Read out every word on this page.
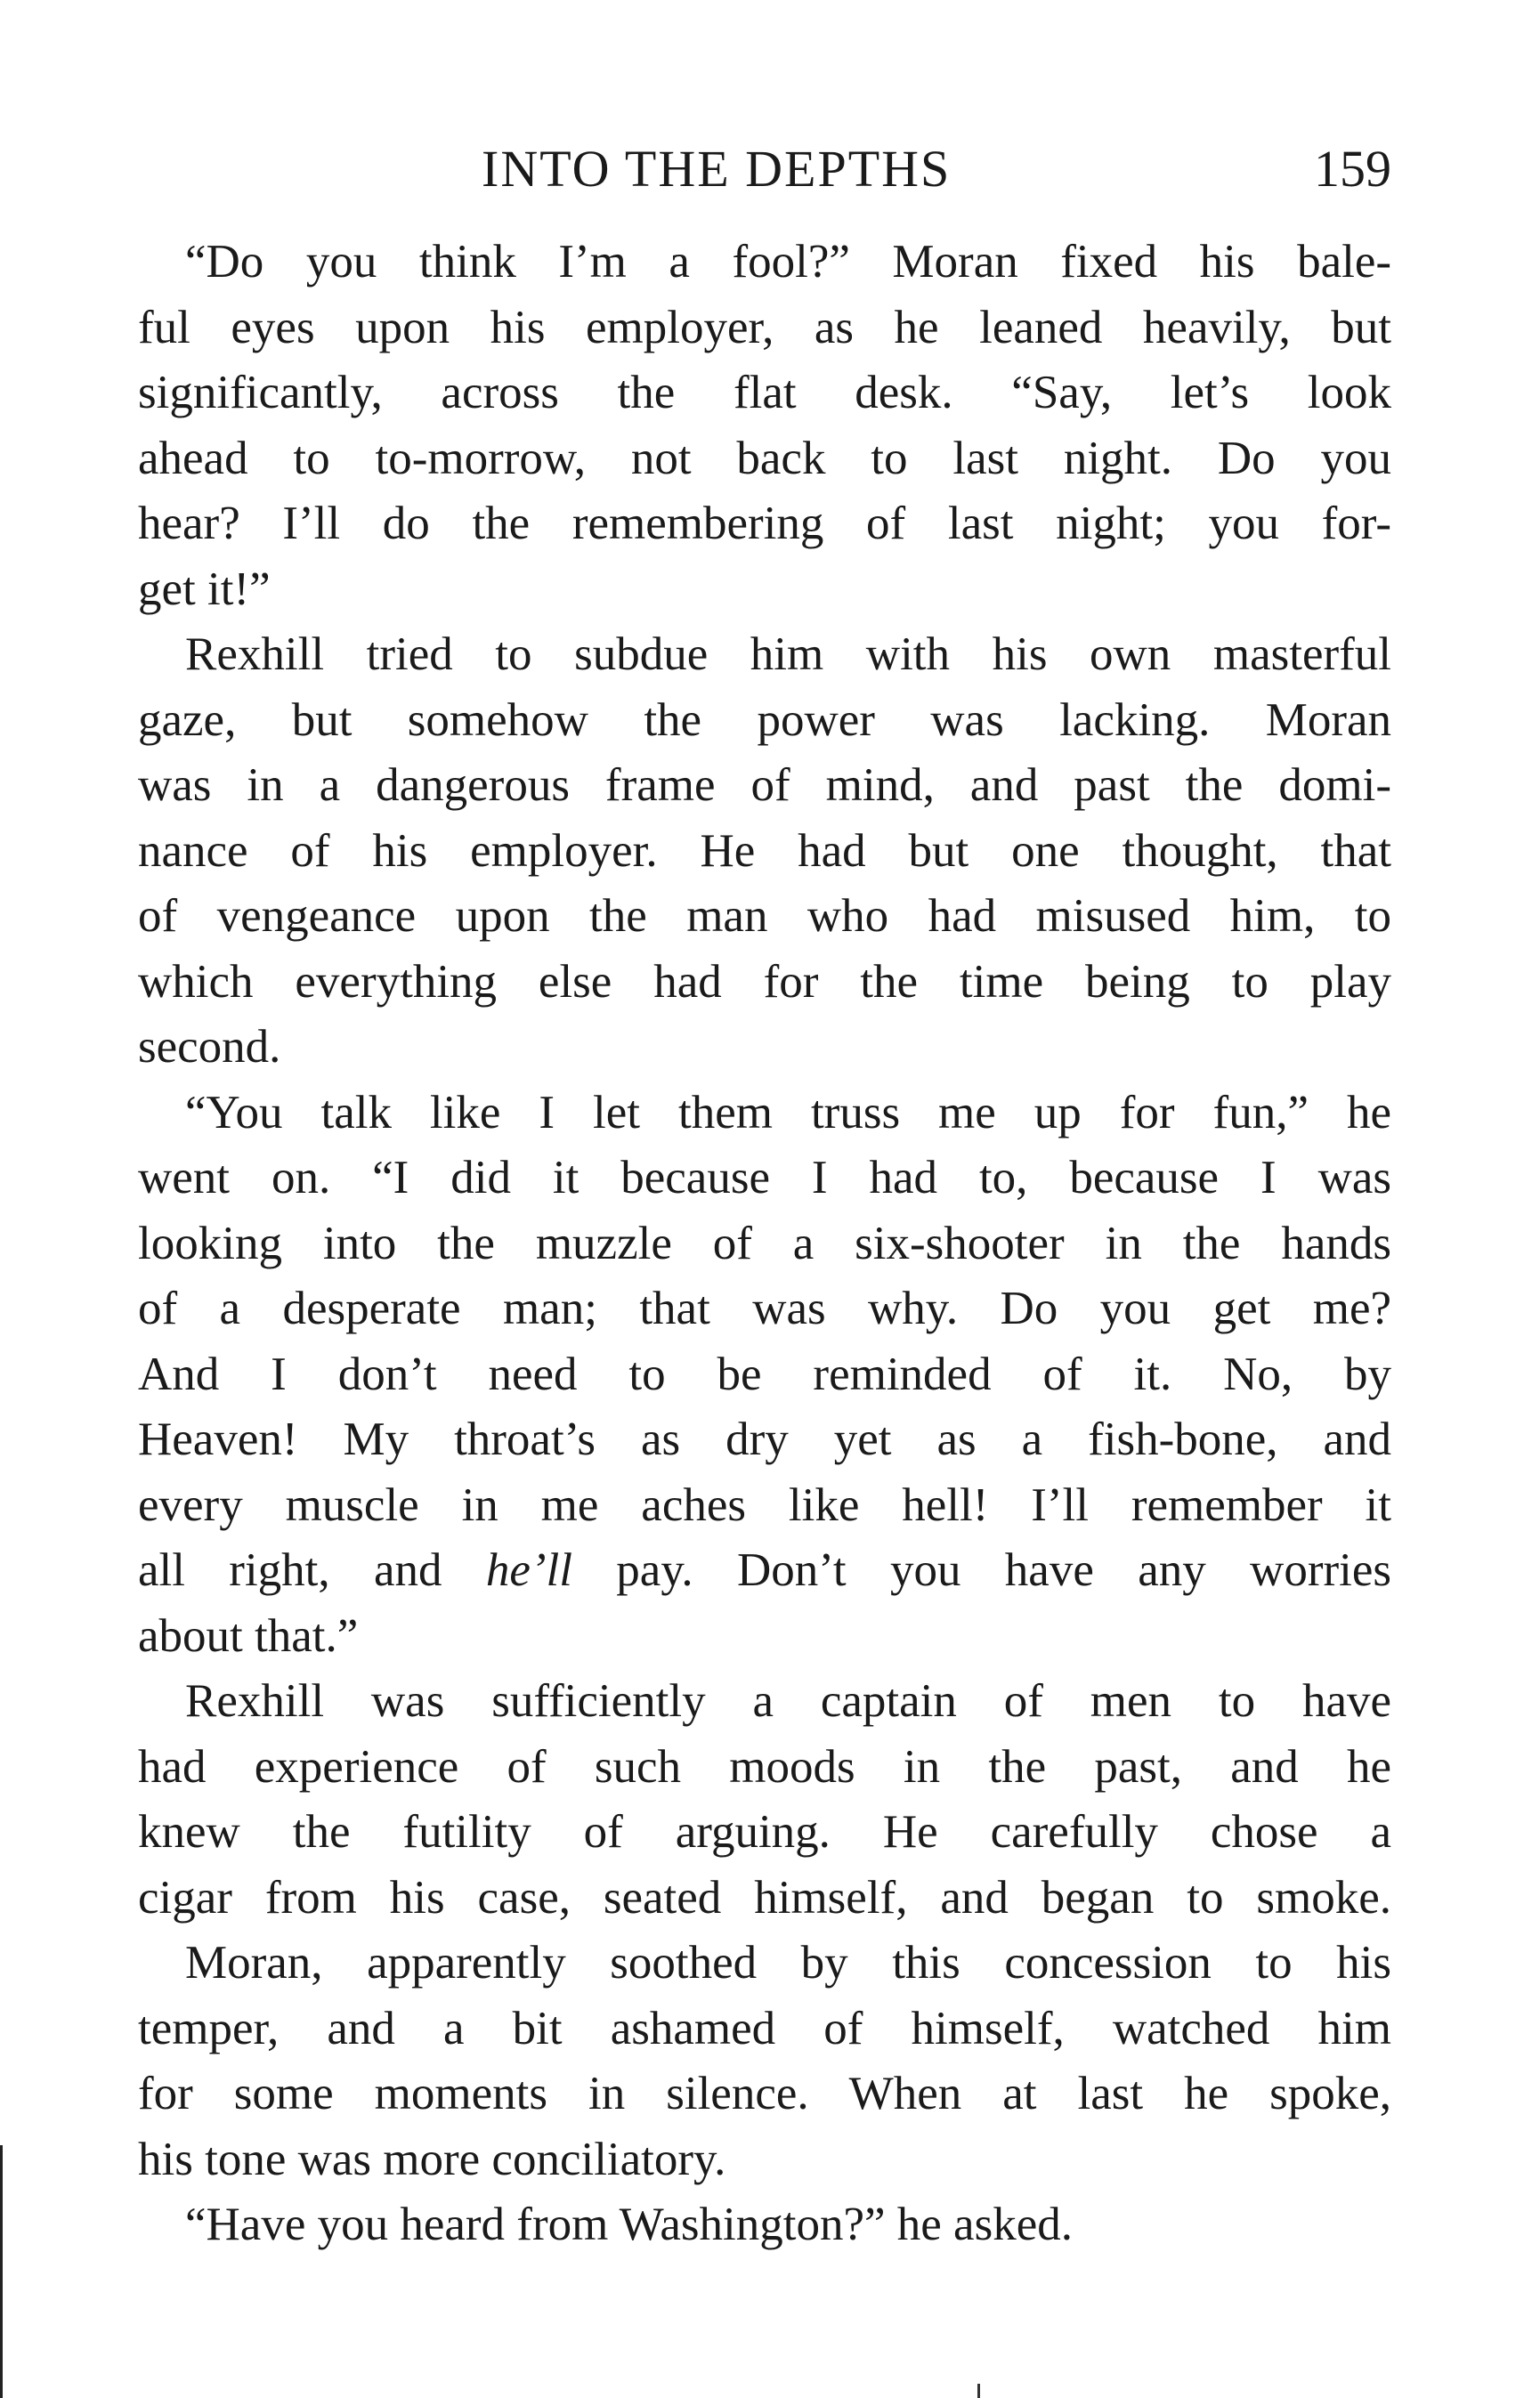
INTO THE DEPTHS	159
“Do you think I’m a fool?” Moran fixed his bale-
ful eyes upon his employer, as he leaned heavily, but
significantly, across the flat desk. “Say, let’s look
ahead to to-morrow, not back to last night. Do you
hear? I’ll do the remembering of last night; you for-
get it!”
Rexhill tried to subdue him with his own masterful
gaze, but somehow the power was lacking. Moran
was in a dangerous frame of mind, and past the domi-
nance of his employer. He had but one thought, that
of vengeance upon the man who had misused him, to
which everything else had for the time being to play
second.
“You talk like I let them truss me up for fun,” he
went on. “I did it because I had to, because I was
looking into the muzzle of a six-shooter in the hands
of a desperate man; that was why. Do you get me?
And I don’t need to be reminded of it. No, by
Heaven! My throat’s as dry yet as a fish-bone, and
every muscle in me aches like hell! I’ll remember it
all right, and he’ll pay. Don’t you have any worries
about that.”
Rexhill was sufficiently a captain of men to have
had experience of such moods in the past, and he
knew the futility of arguing. He carefully chose a
cigar from his case, seated himself, and began to smoke.
Moran, apparently soothed by this concession to his
temper, and a bit ashamed of himself, watched him
for some moments in silence. When at last he spoke,
his tone was more conciliatory.
“Have you heard from Washington?” he asked.
